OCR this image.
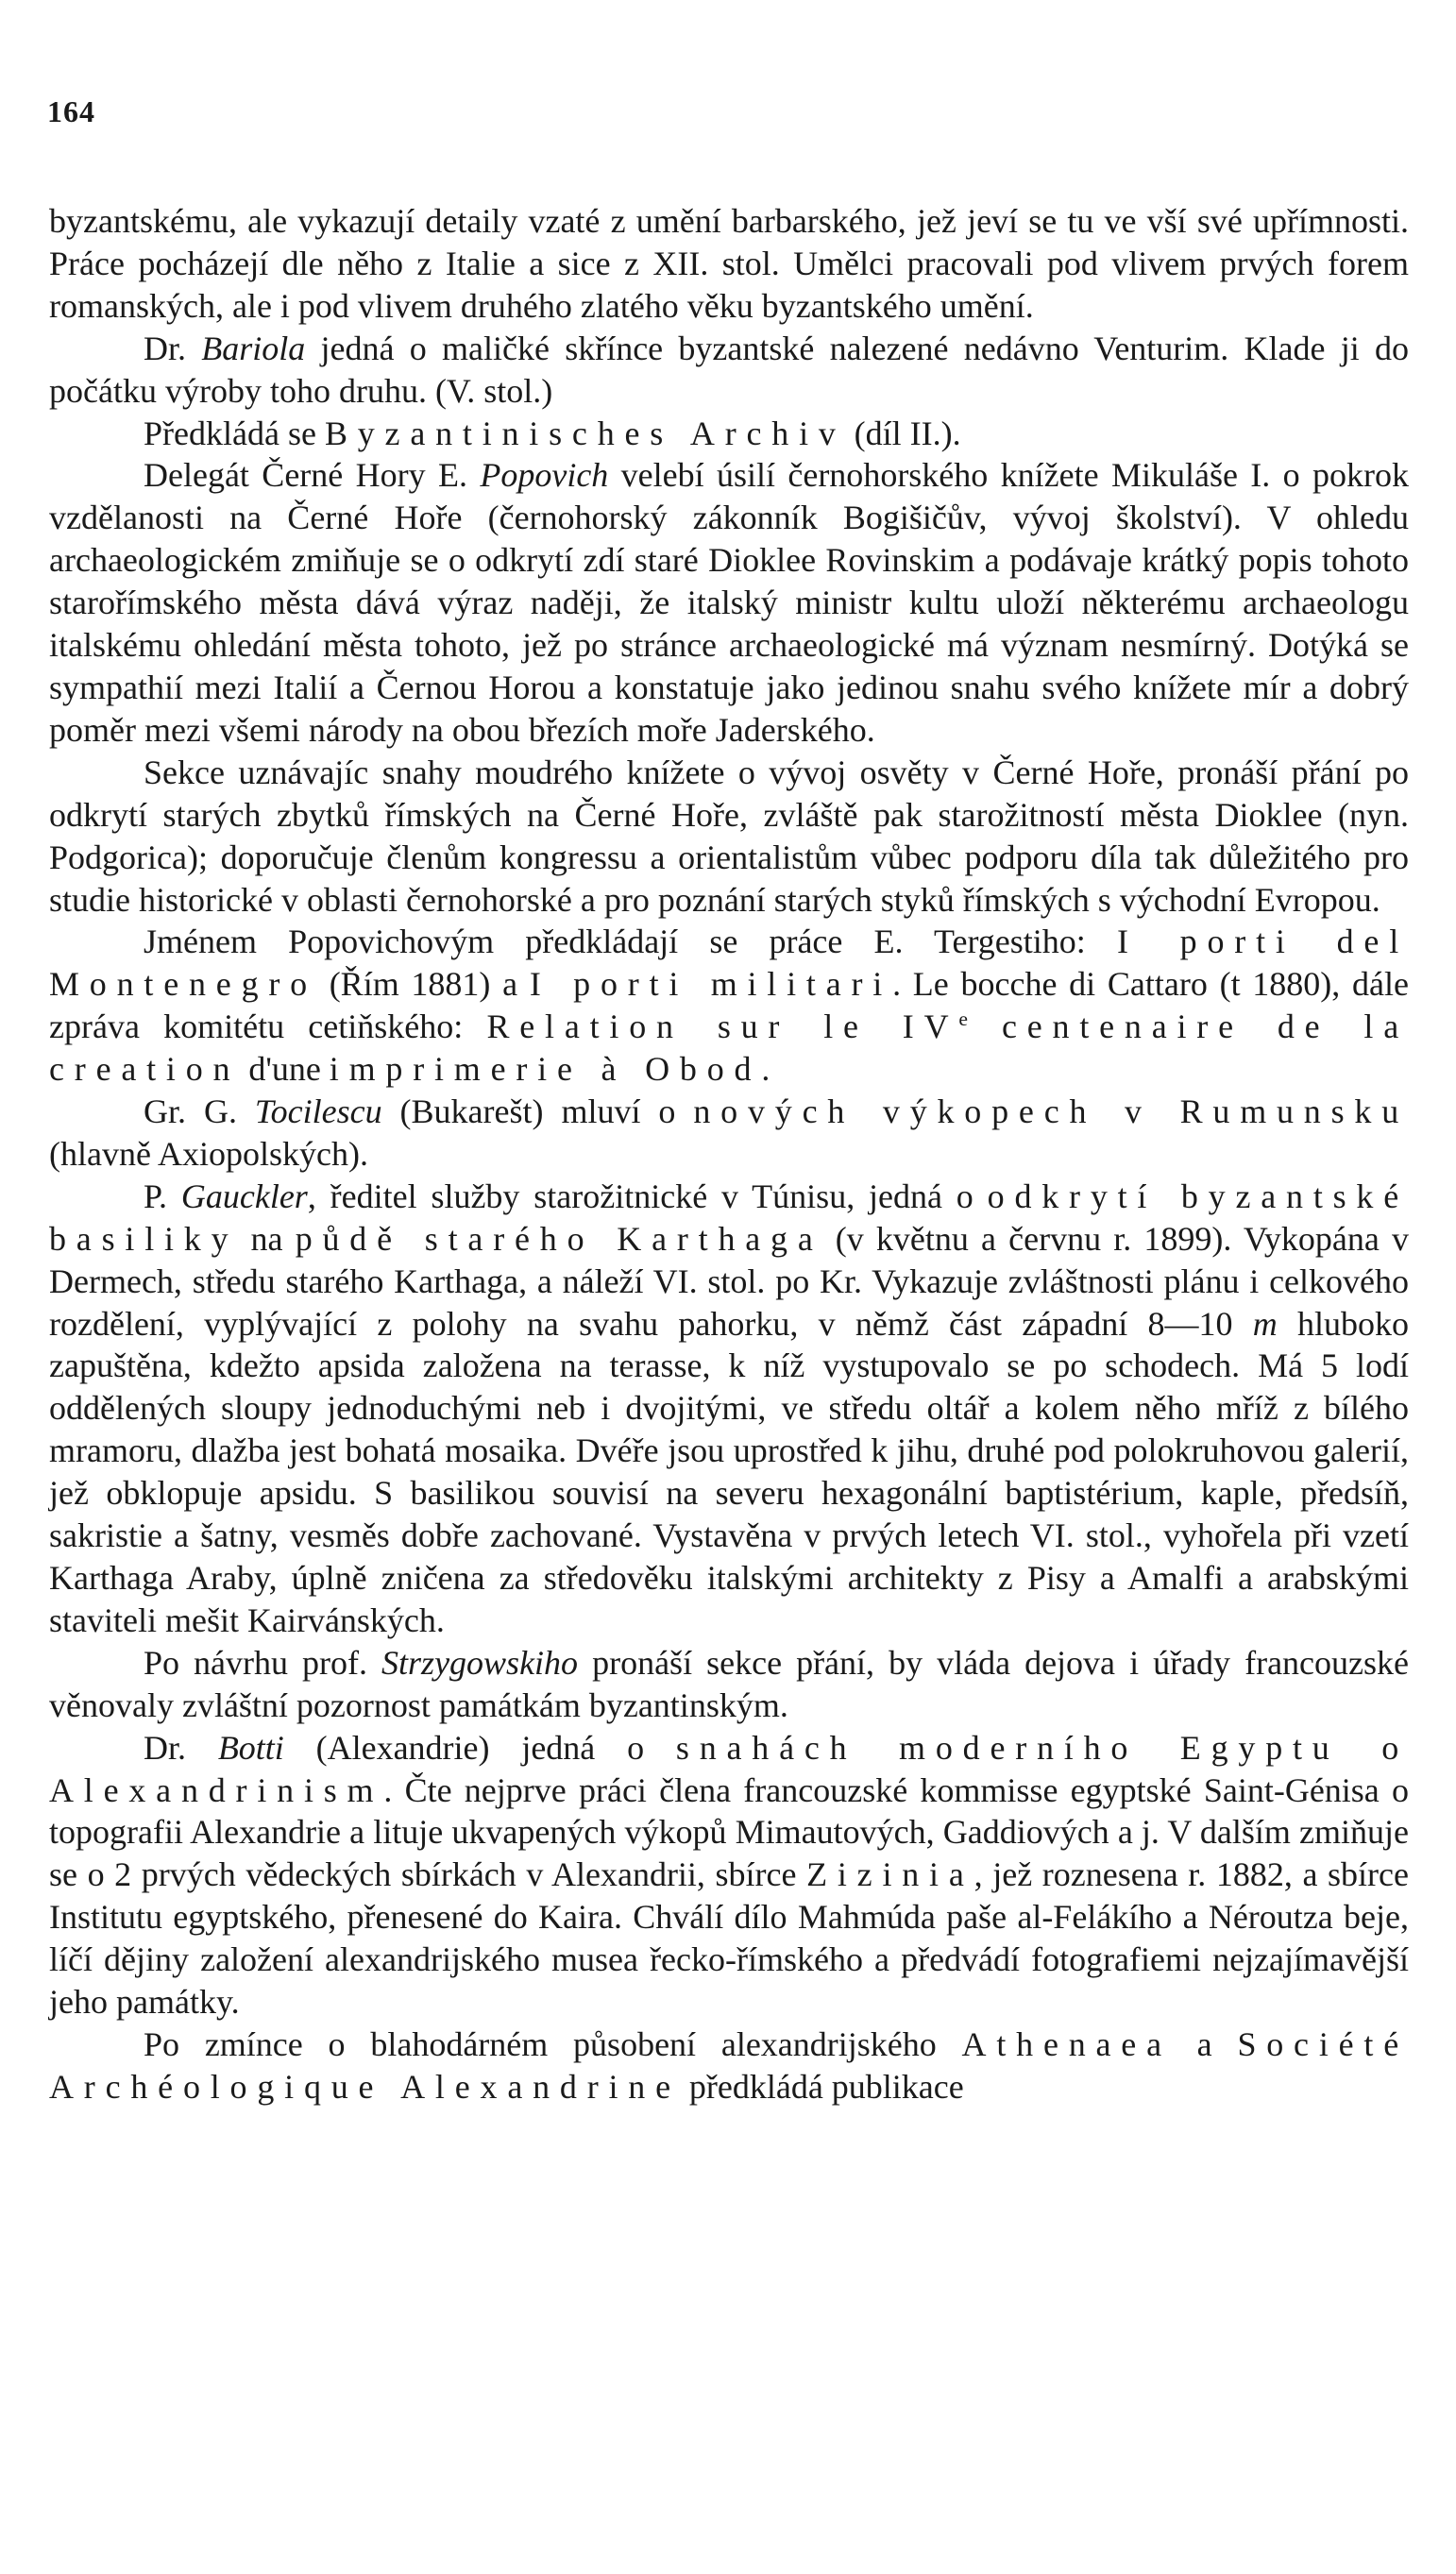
164

byzantskému, ale vykazují detaily vzaté z umění barbarského, jež jeví se tu ve vší své upřímnosti. Práce pocházejí dle něho z Italie a sice z XII. stol. Umělci pracovali pod vlivem prvých forem romanských, ale i pod vlivem druhého zlatého věku byzantského umění.

Dr. Bariola jedná o maličké skřínce byzantské nalezené nedávno Venturim. Klade ji do počátku výroby toho druhu. (V. stol.)

Předkládá se Byzantinisches Archiv (díl II.).

Delegát Černé Hory E. Popovich velebí úsilí černohorského knížete Mikuláše I. o pokrok vzdělanosti na Černé Hoře (černohorský zákonník Bogišičův, vývoj školství). V ohledu archaeologickém zmiňuje se o odkrytí zdí staré Dioklee Rovinskim a podávaje krátký popis tohoto starořímského města dává výraz naději, že italský ministr kultu uloží některému archaeologu italskému ohledání města tohoto, jež po stránce archaeologické má význam nesmírný. Dotýká se sympathií mezi Italií a Černou Horou a konstatuje jako jedinou snahu svého knížete mír a dobrý poměr mezi všemi národy na obou březích moře Jaderského.

Sekce uznávajíc snahy moudrého knížete o vývoj osvěty v Černé Hoře, pronáší přání po odkrytí starých zbytků římských na Černé Hoře, zvláště pak starožitností města Dioklee (nyn. Podgorica); doporučuje členům kongressu a orientalistům vůbec podporu díla tak důležitého pro studie historické v oblasti černohorské a pro poznání starých styků římských s východní Evropou.

Jménem Popovichovým předkládají se práce E. Tergestiho: I porti del Montenegro (Řím 1881) a I porti militari. Le bocche di Cattaro (t 1880), dále zpráva komitétu cetiňského: Relation sur le IVe centenaire de la creation d'une imprimerie à Obod.

Gr. G. Tocilescu (Bukarešt) mluví o nových výkopech v Rumunsku (hlavně Axiopolských).

P. Gauckler, ředitel služby starožitnické v Túnisu, jedná o odkrytí byzantské basiliky na půdě starého Karthaga (v květnu a červnu r. 1899). Vykopána v Dermech, středu starého Karthaga, a náleží VI. stol. po Kr. Vykazuje zvláštnosti plánu i celkového rozdělení, vyplývající z polohy na svahu pahorku, v němž část západní 8—10 m hluboko zapuštěna, kdežto apsida založena na terasse, k níž vystupovalo se po schodech. Má 5 lodí oddělených sloupy jednoduchými neb i dvojitými, ve středu oltář a kolem něho mříž z bílého mramoru, dlažba jest bohatá mosaika. Dvéře jsou uprostřed k jihu, druhé pod polokruhovou galerií, jež obklopuje apsidu. S basilikou souvisí na severu hexagonální baptistérium, kaple, předsíň, sakristie a šatny, vesměs dobře zachované. Vystavěna v prvých letech VI. stol., vyhořela při vzetí Karthaga Araby, úplně zničena za středověku italskými architekty z Pisy a Amalfi a arabskými staviteli mešit Kairvánských.

Po návrhu prof. Strzygowskiho pronáší sekce přání, by vláda dejova i úřady francouzské věnovaly zvláštní pozornost památkám byzantinským.

Dr. Botti (Alexandrie) jedná o snahách moderního Egyptu o Alexandrinism. Čte nejprve práci člena francouzské kommisse egyptské Saint-Génisa o topografii Alexandrie a lituje ukvapených výkopů Mimautových, Gaddiových a j. V dalším zmiňuje se o 2 prvých vědeckých sbírkách v Alexandrii, sbírce Zizinia, jež roznesena r. 1882, a sbírce Institutu egyptského, přenesené do Kaira. Chválí dílo Mahmúda paše al-Felákího a Néroutza beje, líčí dějiny založení alexandrijského musea řecko-římského a předvádí fotografiemi nejzajímavější jeho památky.

Po zmínce o blahodárném působení alexandrijského Athenaea a Société Archéologique Alexandrine předkládá publikace
